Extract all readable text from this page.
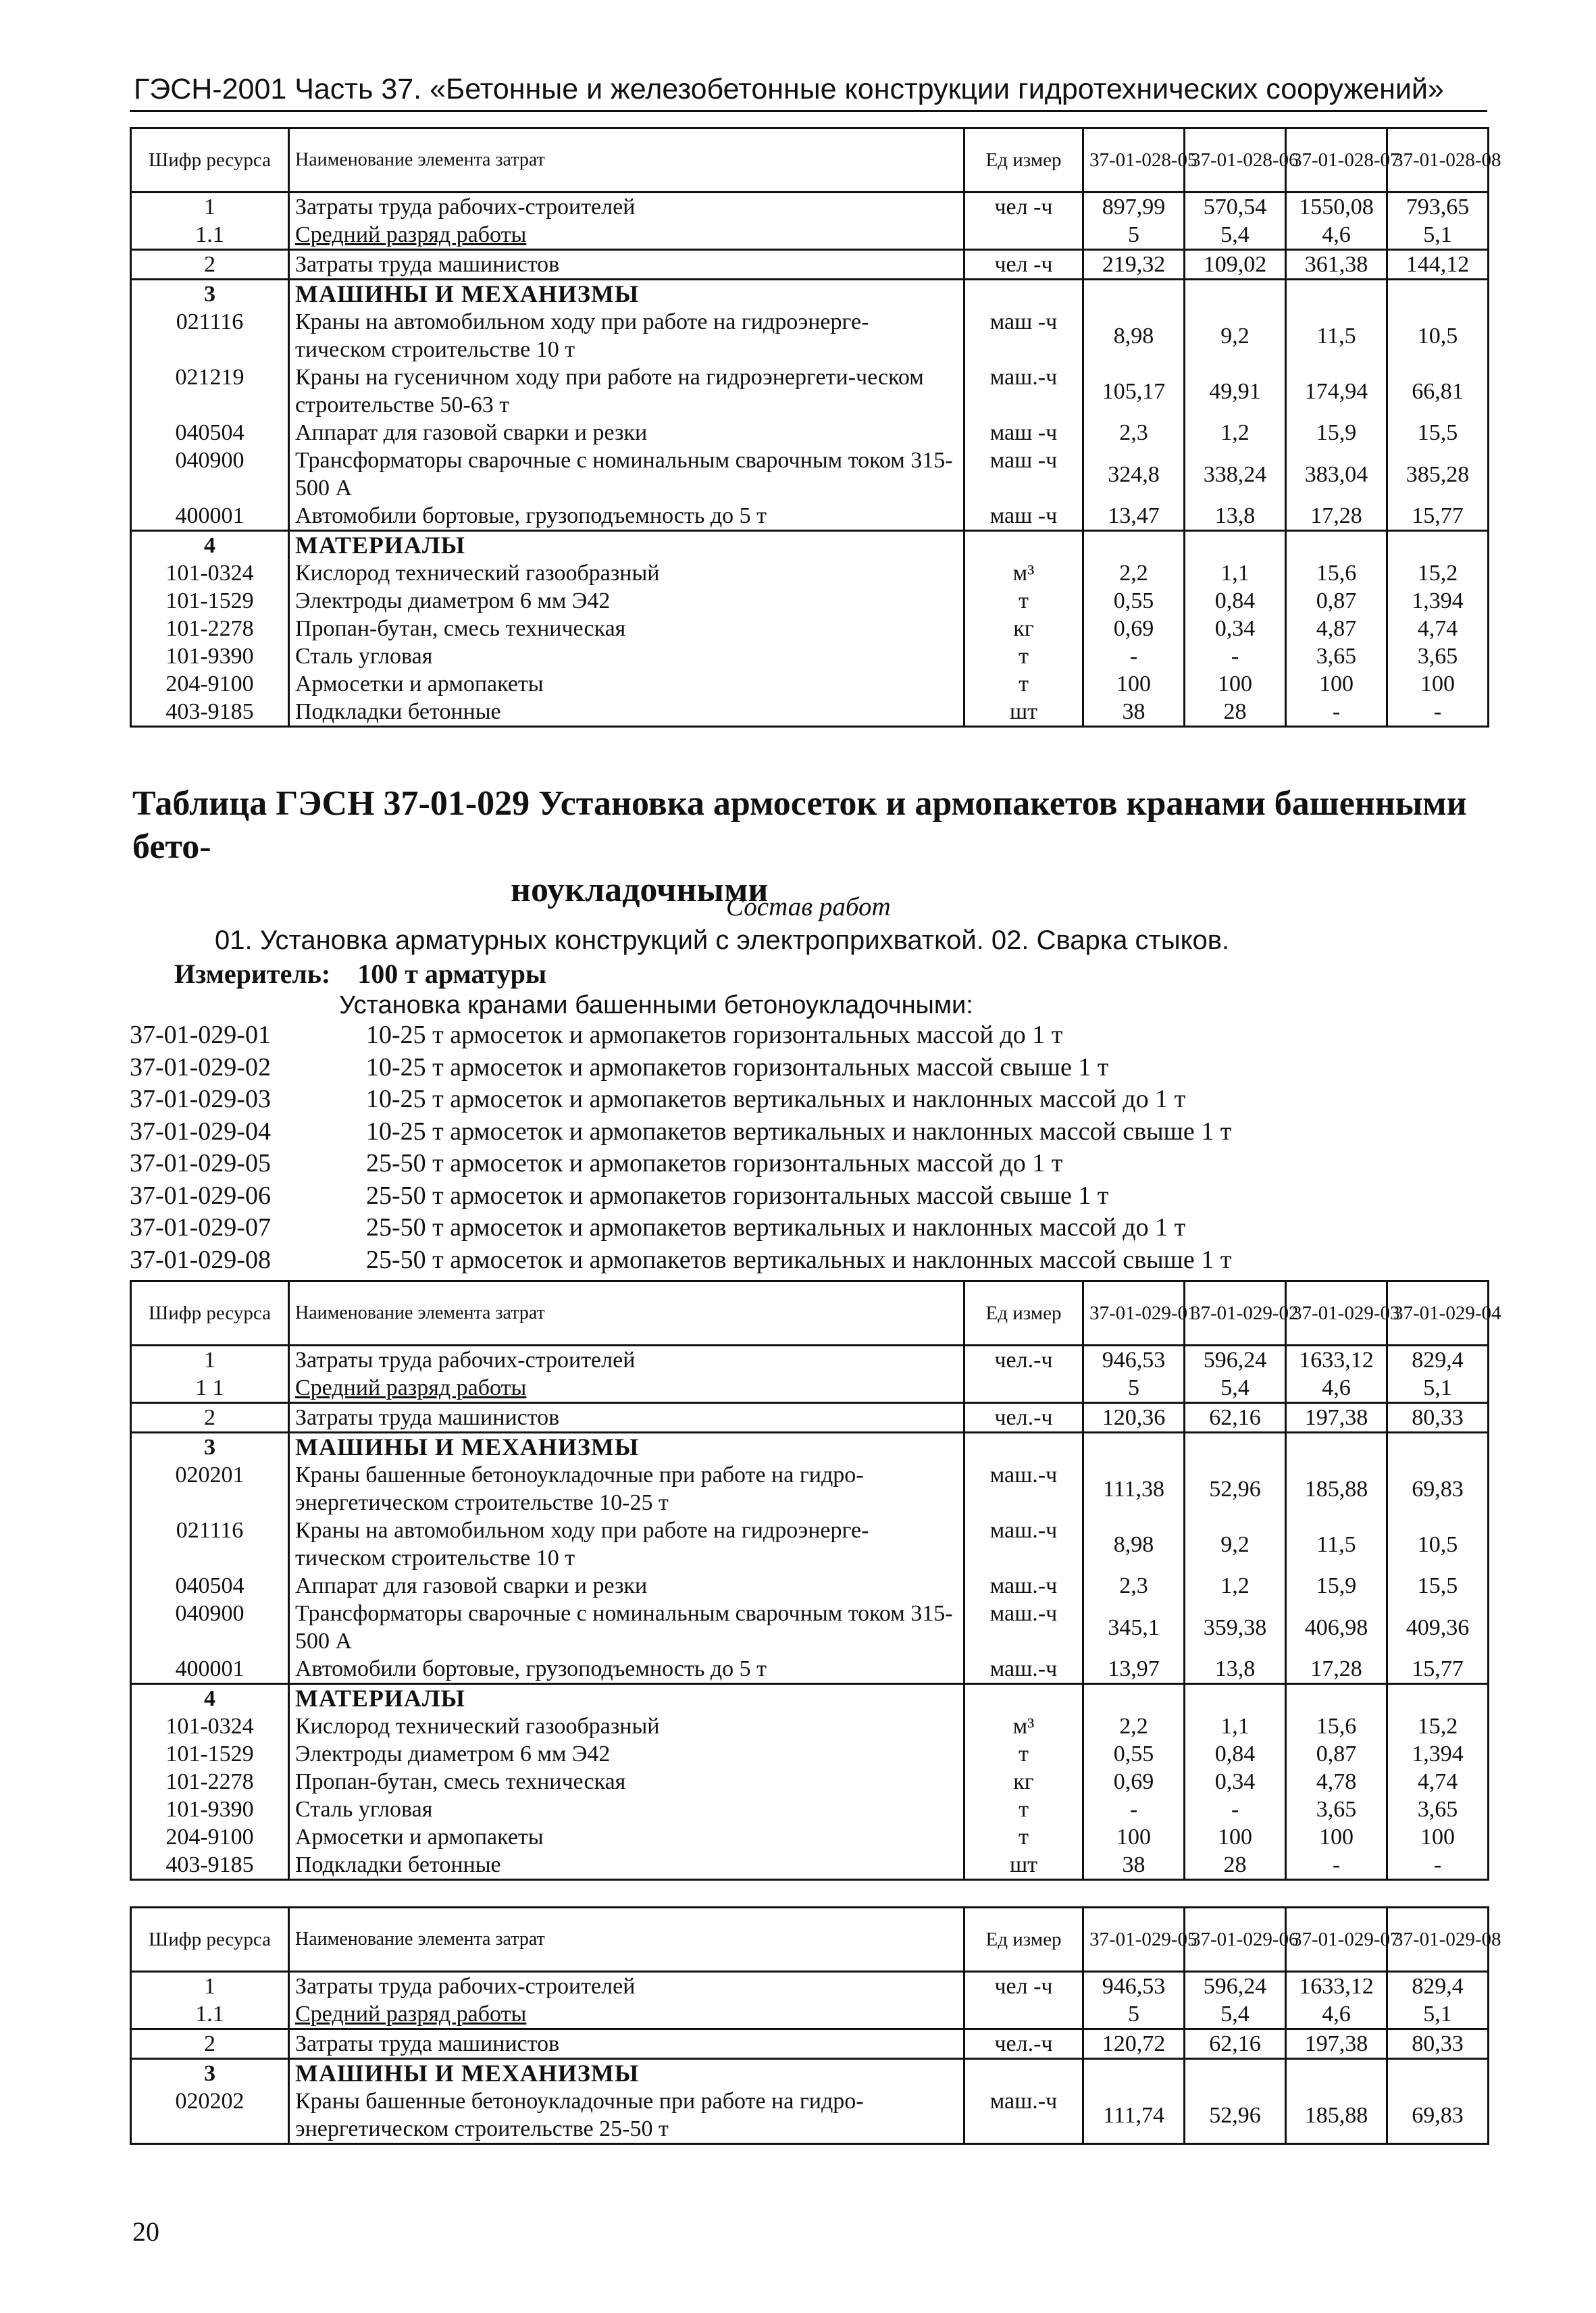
ГЭСН-2001 Часть 37. «Бетонные и железобетонные конструкции гидротехнических сооружений»
Шифр ресурса	Наименование элемента затрат	Ед измер	37-01-028-05	37-01-028-06	37-01-028-07	37-01-028-08
1	Затраты труда рабочих-строителей	чел -ч	897,99	570,54	1550,08	793,65
1.1	Средний разряд работы		5	5,4	4,6	5,1
2	Затраты труда машинистов	чел -ч	219,32	109,02	361,38	144,12
3	МАШИНЫ И МЕХАНИЗМЫ					
021116	Краны на автомобильном ходу при работе на гидроэнерге-тическом строительстве 10 т	маш -ч	8,98	9,2	11,5	10,5
021219	Краны на гусеничном ходу при работе на гидроэнергети-ческом строительстве 50-63 т	маш.-ч	105,17	49,91	174,94	66,81
040504	Аппарат для газовой сварки и резки	маш -ч	2,3	1,2	15,9	15,5
040900	Трансформаторы сварочные с номинальным сварочным током 315-500 А	маш -ч	324,8	338,24	383,04	385,28
400001	Автомобили бортовые, грузоподъемность до 5 т	маш -ч	13,47	13,8	17,28	15,77
4	МАТЕРИАЛЫ					
101-0324	Кислород технический газообразный	м³	2,2	1,1	15,6	15,2
101-1529	Электроды диаметром 6 мм Э42	т	0,55	0,84	0,87	1,394
101-2278	Пропан-бутан, смесь техническая	кг	0,69	0,34	4,87	4,74
101-9390	Сталь угловая	т	-	-	3,65	3,65
204-9100	Армосетки и армопакеты	т	100	100	100	100
403-9185	Подкладки бетонные	шт	38	28	-	-
Таблица ГЭСН 37-01-029 Установка армосеток и армопакетов кранами башенными бето-
ноукладочными
Состав работ
01. Установка арматурных конструкций с электроприхваткой. 02. Сварка стыков.
Измеритель: 100 т арматуры
Установка кранами башенными бетоноукладочными:
37-01-029-01	10-25 т армосеток и армопакетов горизонтальных массой до 1 т
37-01-029-02	10-25 т армосеток и армопакетов горизонтальных массой свыше 1 т
37-01-029-03	10-25 т армосеток и армопакетов вертикальных и наклонных массой до 1 т
37-01-029-04	10-25 т армосеток и армопакетов вертикальных и наклонных массой свыше 1 т
37-01-029-05	25-50 т армосеток и армопакетов горизонтальных массой до 1 т
37-01-029-06	25-50 т армосеток и армопакетов горизонтальных массой свыше 1 т
37-01-029-07	25-50 т армосеток и армопакетов вертикальных и наклонных массой до 1 т
37-01-029-08	25-50 т армосеток и армопакетов вертикальных и наклонных массой свыше 1 т
Шифр ресурса	Наименование элемента затрат	Ед измер	37-01-029-01	37-01-029-02	37-01-029-03	37-01-029-04
1	Затраты труда рабочих-строителей	чел.-ч	946,53	596,24	1633,12	829,4
1 1	Средний разряд работы		5	5,4	4,6	5,1
2	Затраты труда машинистов	чел.-ч	120,36	62,16	197,38	80,33
3	МАШИНЫ И МЕХАНИЗМЫ					
020201	Краны башенные бетоноукладочные при работе на гидро-энергетическом строительстве 10-25 т	маш.-ч	111,38	52,96	185,88	69,83
021116	Краны на автомобильном ходу при работе на гидроэнерге-тическом строительстве 10 т	маш.-ч	8,98	9,2	11,5	10,5
040504	Аппарат для газовой сварки и резки	маш.-ч	2,3	1,2	15,9	15,5
040900	Трансформаторы сварочные с номинальным сварочным током 315-500 А	маш.-ч	345,1	359,38	406,98	409,36
400001	Автомобили бортовые, грузоподъемность до 5 т	маш.-ч	13,97	13,8	17,28	15,77
4	МАТЕРИАЛЫ					
101-0324	Кислород технический газообразный	м³	2,2	1,1	15,6	15,2
101-1529	Электроды диаметром 6 мм Э42	т	0,55	0,84	0,87	1,394
101-2278	Пропан-бутан, смесь техническая	кг	0,69	0,34	4,78	4,74
101-9390	Сталь угловая	т	-	-	3,65	3,65
204-9100	Армосетки и армопакеты	т	100	100	100	100
403-9185	Подкладки бетонные	шт	38	28	-	-
Шифр ресурса	Наименование элемента затрат	Ед измер	37-01-029-05	37-01-029-06	37-01-029-07	37-01-029-08
1	Затраты труда рабочих-строителей	чел -ч	946,53	596,24	1633,12	829,4
1.1	Средний разряд работы		5	5,4	4,6	5,1
2	Затраты труда машинистов	чел.-ч	120,72	62,16	197,38	80,33
3	МАШИНЫ И МЕХАНИЗМЫ					
020202	Краны башенные бетоноукладочные при работе на гидро-энергетическом строительстве 25-50 т	маш.-ч	111,74	52,96	185,88	69,83
20
